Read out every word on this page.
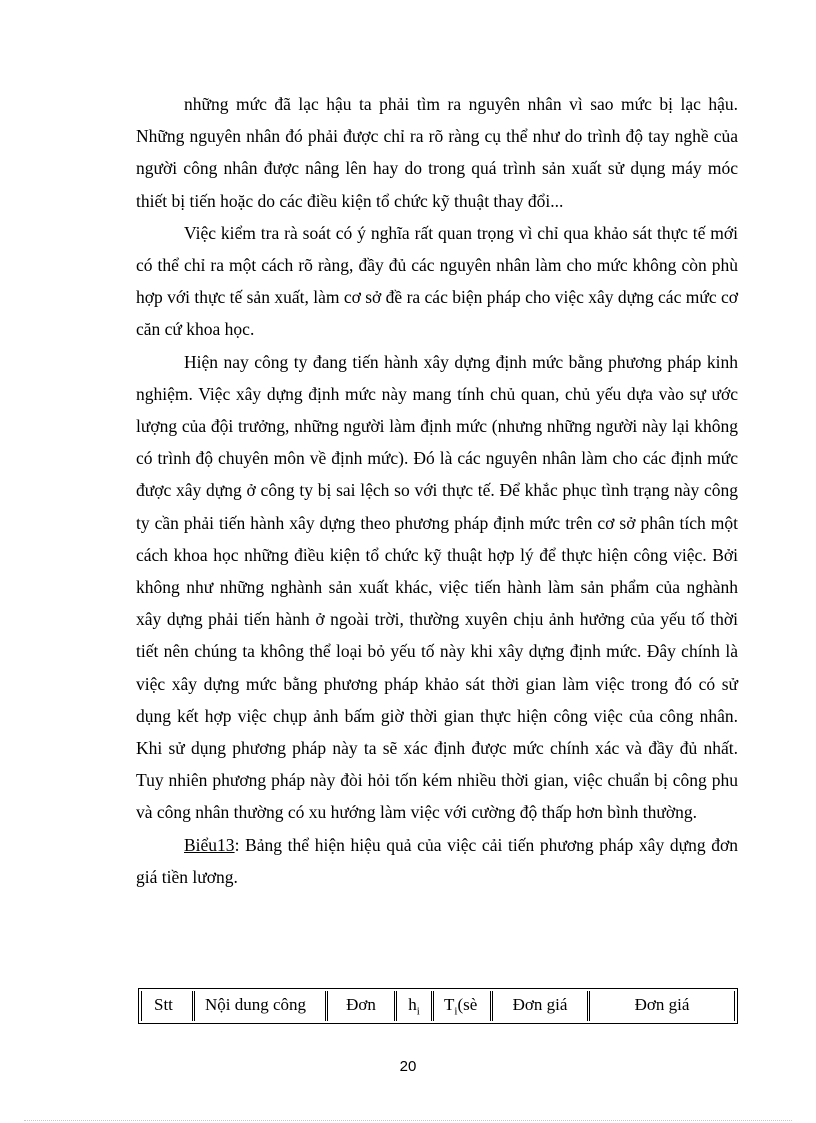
những mức đã lạc hậu ta phải tìm ra nguyên nhân vì sao mức bị lạc hậu. Những nguyên nhân đó phải được chỉ ra rõ ràng cụ thể như do trình độ tay nghề của người công nhân được nâng lên hay do trong quá trình sản xuất sử dụng máy móc thiết bị tiến hoặc do các điều kiện tổ chức kỹ thuật thay đổi...

Việc kiểm tra rà soát có ý nghĩa rất quan trọng vì chỉ qua khảo sát thực tế mới có thể chỉ ra một cách rõ ràng, đầy đủ các nguyên nhân làm cho mức không còn phù hợp với thực tế sản xuất, làm cơ sở đề ra các biện pháp cho việc xây dựng các mức cơ căn cứ khoa học.

Hiện nay công ty đang tiến hành xây dựng định mức bằng phương pháp kinh nghiệm. Việc xây dựng định mức này mang tính chủ quan, chủ yếu dựa vào sự ước lượng của đội trưởng, những người làm định mức (nhưng những người này lại không có trình độ chuyên môn về định mức). Đó là các nguyên nhân làm cho các định mức được xây dựng ở công ty bị sai lệch so với thực tế. Để khắc phục tình trạng này công ty cần phải tiến hành xây dựng theo phương pháp định mức trên cơ sở phân tích một cách khoa học những điều kiện tổ chức kỹ thuật hợp lý để thực hiện công việc. Bởi không như những nghành sản xuất khác, việc tiến hành làm sản phẩm của nghành xây dựng phải tiến hành ở ngoài trời, thường xuyên chịu ảnh hưởng của yếu tố thời tiết nên chúng ta không thể loại bỏ yếu tố này khi xây dựng định mức. Đây chính là việc xây dựng mức bằng phương pháp khảo sát thời gian làm việc trong đó có sử dụng kết hợp việc chụp ảnh bấm giờ thời gian thực hiện công việc của công nhân. Khi sử dụng phương pháp này ta sẽ xác định được mức chính xác và đầy đủ nhất. Tuy nhiên phương pháp này đòi hỏi tốn kém nhiều thời gian, việc chuẩn bị công phu và công nhân thường có xu hướng làm việc với cường độ thấp hơn bình thường.

Biểu13: Bảng thể hiện hiệu quả của việc cải tiến phương pháp xây dựng đơn giá tiền lương.

Stt	Nội dung công	Đơn	$h_i$	$T_i(sè$	Đơn giá	Đơn giá
20
